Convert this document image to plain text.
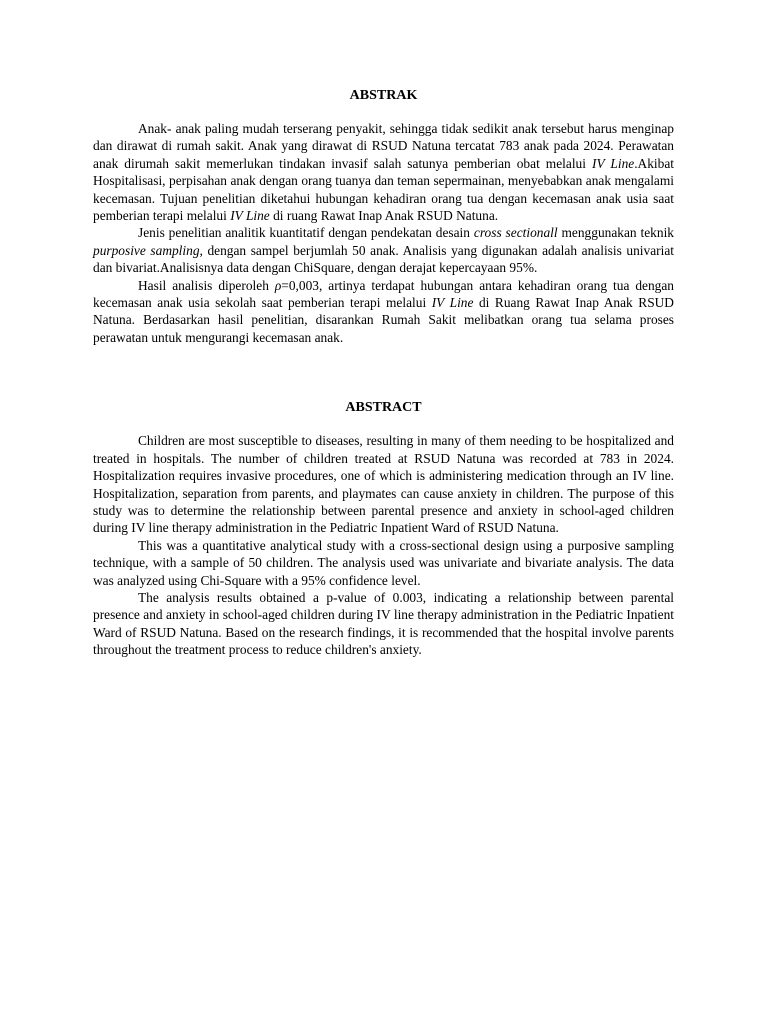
ABSTRAK

Anak- anak paling mudah terserang penyakit, sehingga tidak sedikit anak tersebut harus menginap dan dirawat di rumah sakit. Anak yang dirawat di RSUD Natuna tercatat 783 anak pada 2024. Perawatan anak dirumah sakit memerlukan tindakan invasif salah satunya pemberian obat melalui IV Line.Akibat Hospitalisasi, perpisahan anak dengan orang tuanya dan teman sepermainan, menyebabkan anak mengalami kecemasan. Tujuan penelitian diketahui hubungan kehadiran orang tua dengan kecemasan anak usia saat pemberian terapi melalui IV Line di ruang Rawat Inap Anak RSUD Natuna.

Jenis penelitian analitik kuantitatif dengan pendekatan desain cross sectionall menggunakan teknik purposive sampling, dengan sampel berjumlah 50 anak. Analisis yang digunakan adalah analisis univariat dan bivariat.Analisisnya data dengan ChiSquare, dengan derajat kepercayaan 95%.

Hasil analisis diperoleh ρ=0,003, artinya terdapat hubungan antara kehadiran orang tua dengan kecemasan anak usia sekolah saat pemberian terapi melalui IV Line di Ruang Rawat Inap Anak RSUD Natuna. Berdasarkan hasil penelitian, disarankan Rumah Sakit melibatkan orang tua selama proses perawatan untuk mengurangi kecemasan anak.

ABSTRACT

Children are most susceptible to diseases, resulting in many of them needing to be hospitalized and treated in hospitals. The number of children treated at RSUD Natuna was recorded at 783 in 2024. Hospitalization requires invasive procedures, one of which is administering medication through an IV line. Hospitalization, separation from parents, and playmates can cause anxiety in children. The purpose of this study was to determine the relationship between parental presence and anxiety in school-aged children during IV line therapy administration in the Pediatric Inpatient Ward of RSUD Natuna.

This was a quantitative analytical study with a cross-sectional design using a purposive sampling technique, with a sample of 50 children. The analysis used was univariate and bivariate analysis. The data was analyzed using Chi-Square with a 95% confidence level.

The analysis results obtained a p-value of 0.003, indicating a relationship between parental presence and anxiety in school-aged children during IV line therapy administration in the Pediatric Inpatient Ward of RSUD Natuna. Based on the research findings, it is recommended that the hospital involve parents throughout the treatment process to reduce children's anxiety.
